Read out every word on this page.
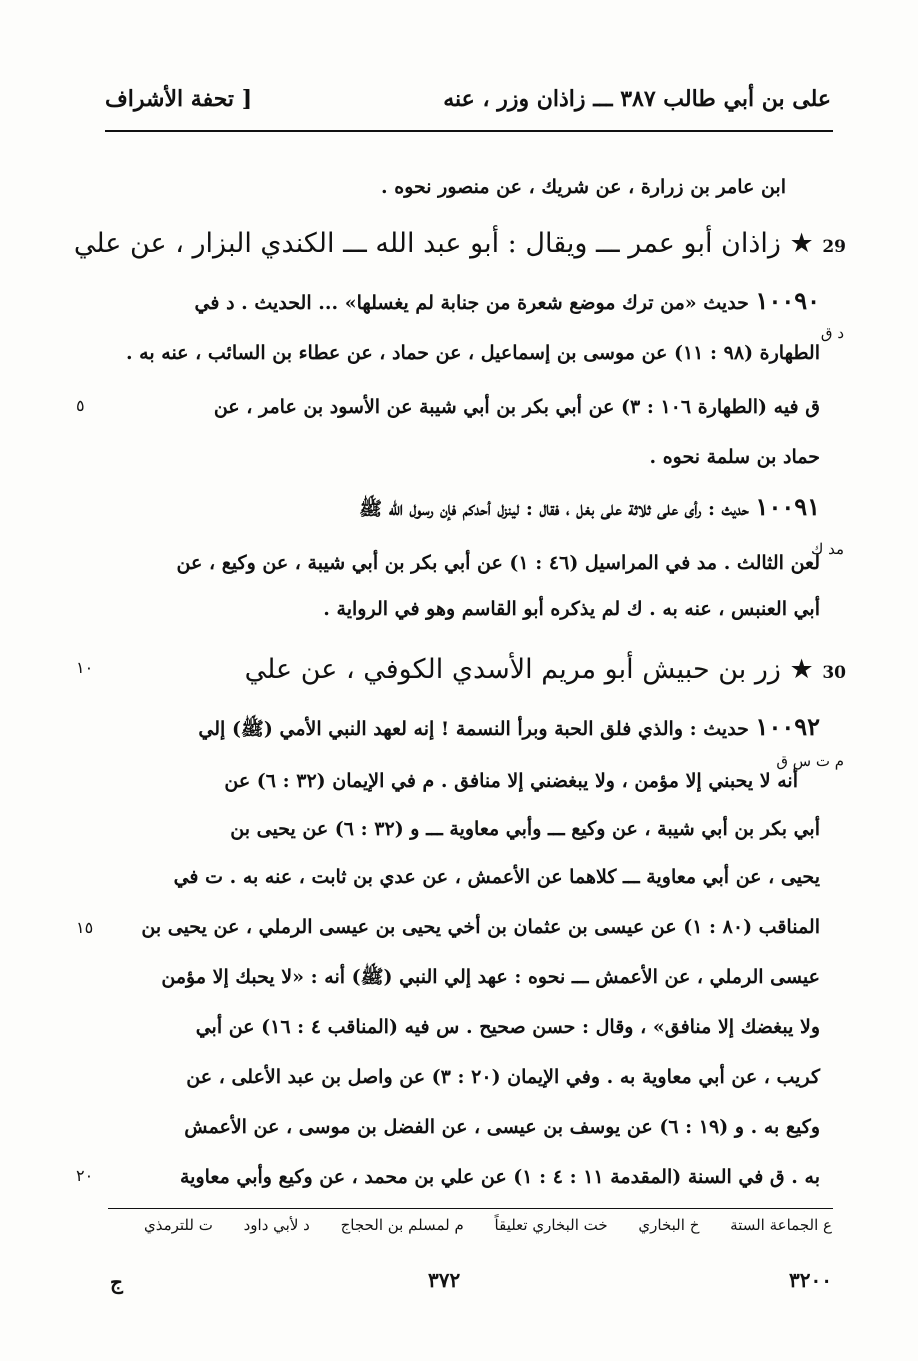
على بن أبي طالب ٣٨٧ ـــ زاذان وزر ، عنه
[ تحفة الأشراف
ابن عامر بن زرارة ، عن شريك ، عن منصور نحوه .
29 ★ زاذان أبو عمر ـــ ويقال : أبو عبد الله ـــ الكندي البزار ، عن علي
١٠٠٩٠ حديث «من ترك موضع شعرة من جنابة لم يغسلها» ... الحديث . د في
د ق
الطهارة (٩٨ : ١١) عن موسى بن إسماعيل ، عن حماد ، عن عطاء بن السائب ، عنه به .
ق فيه (الطهارة ١٠٦ : ٣) عن أبي بكر بن أبي شيبة عن الأسود بن عامر ، عن
٥
حماد بن سلمة نحوه .
١٠٠٩١ حديث : رأى على ثلاثة على بغل ، فقال : لينزل أحدكم فإن رسول الله ﷺ
مد ك
لعن الثالث . مد في المراسيل (٤٦ : ١) عن أبي بكر بن أبي شيبة ، عن وكيع ، عن
أبي العنبس ، عنه به . ك لم يذكره أبو القاسم وهو في الرواية .
30 ★ زر بن حبيش أبو مريم الأسدي الكوفي ، عن علي
١٠
١٠٠٩٢ حديث : والذي فلق الحبة وبرأ النسمة ! إنه لعهد النبي الأمي (ﷺ) إلي
م ت س ق
أنه لا يحبني إلا مؤمن ، ولا يبغضني إلا منافق . م في الإيمان (٣٢ : ٦) عن
أبي بكر بن أبي شيبة ، عن وكيع ـــ وأبي معاوية ـــ و (٣٢ : ٦) عن يحيى بن
يحيى ، عن أبي معاوية ـــ كلاهما عن الأعمش ، عن عدي بن ثابت ، عنه به . ت في
المناقب (٨٠ : ١) عن عيسى بن عثمان بن أخي يحيى بن عيسى الرملي ، عن يحيى بن
١٥
عيسى الرملي ، عن الأعمش ـــ نحوه : عهد إلي النبي (ﷺ) أنه : «لا يحبك إلا مؤمن
ولا يبغضك إلا منافق» ، وقال : حسن صحيح . س فيه (المناقب ٤ : ١٦) عن أبي
كريب ، عن أبي معاوية به . وفي الإيمان (٢٠ : ٣) عن واصل بن عبد الأعلى ، عن
وكيع به . و (١٩ : ٦) عن يوسف بن عيسى ، عن الفضل بن موسى ، عن الأعمش
به . ق في السنة (المقدمة ١١ : ٤ : ١) عن علي بن محمد ، عن وكيع وأبي معاوية
٢٠
ع الجماعة الستة خ البخاري خت البخاري تعليقاً م لمسلم بن الحجاج د لأبي داود ت للترمذي
ج	٣٧٢	٣٢٠٠
